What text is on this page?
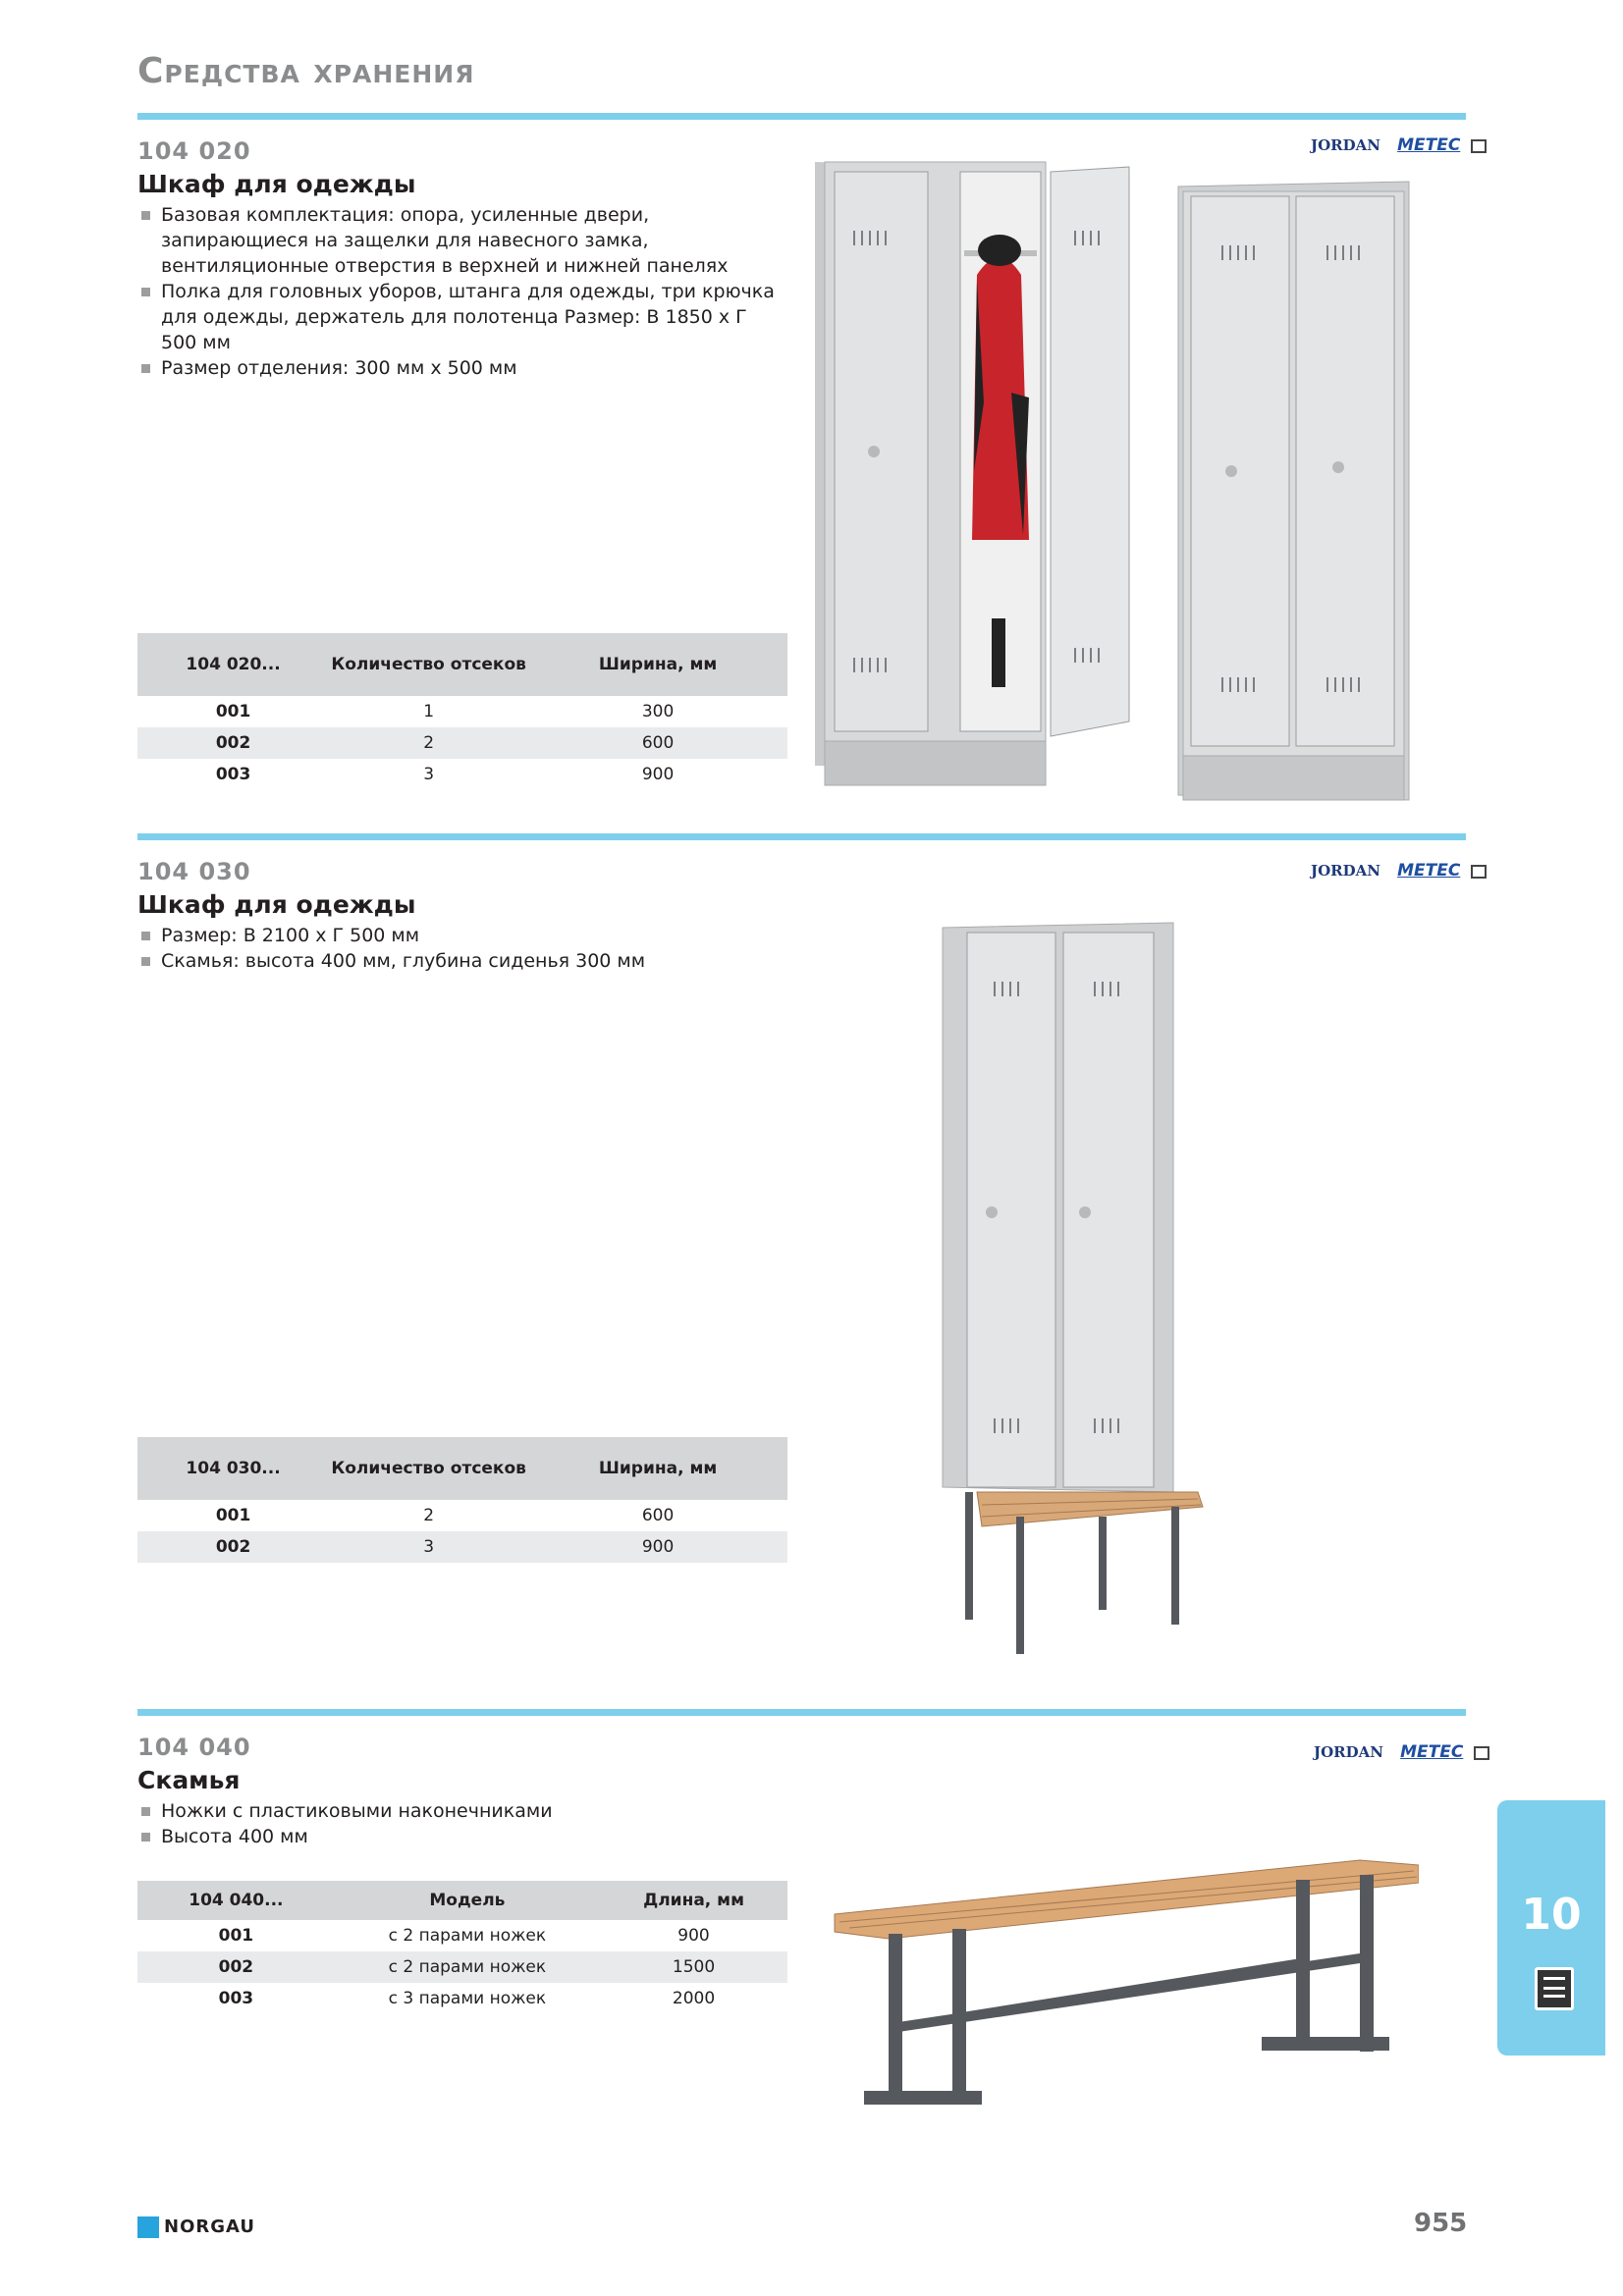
Средства хранения
104 020
Шкаф для одежды
Базовая комплектация: опора, усиленные двери, запирающиеся на защелки для навесного замка, вентиляционные отверстия в верхней и нижней панелях
Полка для головных уборов, штанга для одежды, три крючка для одежды, держатель для полотенца Размер: В 1850 x Г 500 мм
Размер отделения: 300 мм x 500 мм
JORDAN METEC
104 020...	Количество отсеков	Ширина, мм
001	1	300
002	2	600
003	3	900
104 030
Шкаф для одежды
Размер: В 2100 x Г 500 мм
Скамья: высота 400 мм, глубина сиденья 300 мм
JORDAN METEC
104 030...	Количество отсеков	Ширина, мм
001	2	600
002	3	900
104 040
Скамья
Ножки с пластиковыми наконечниками
Высота 400 мм
JORDAN METEC
104 040...	Модель	Длина, мм
001	с 2 парами ножек	900
002	с 2 парами ножек	1500
003	с 3 парами ножек	2000
10
NORGAU	955
